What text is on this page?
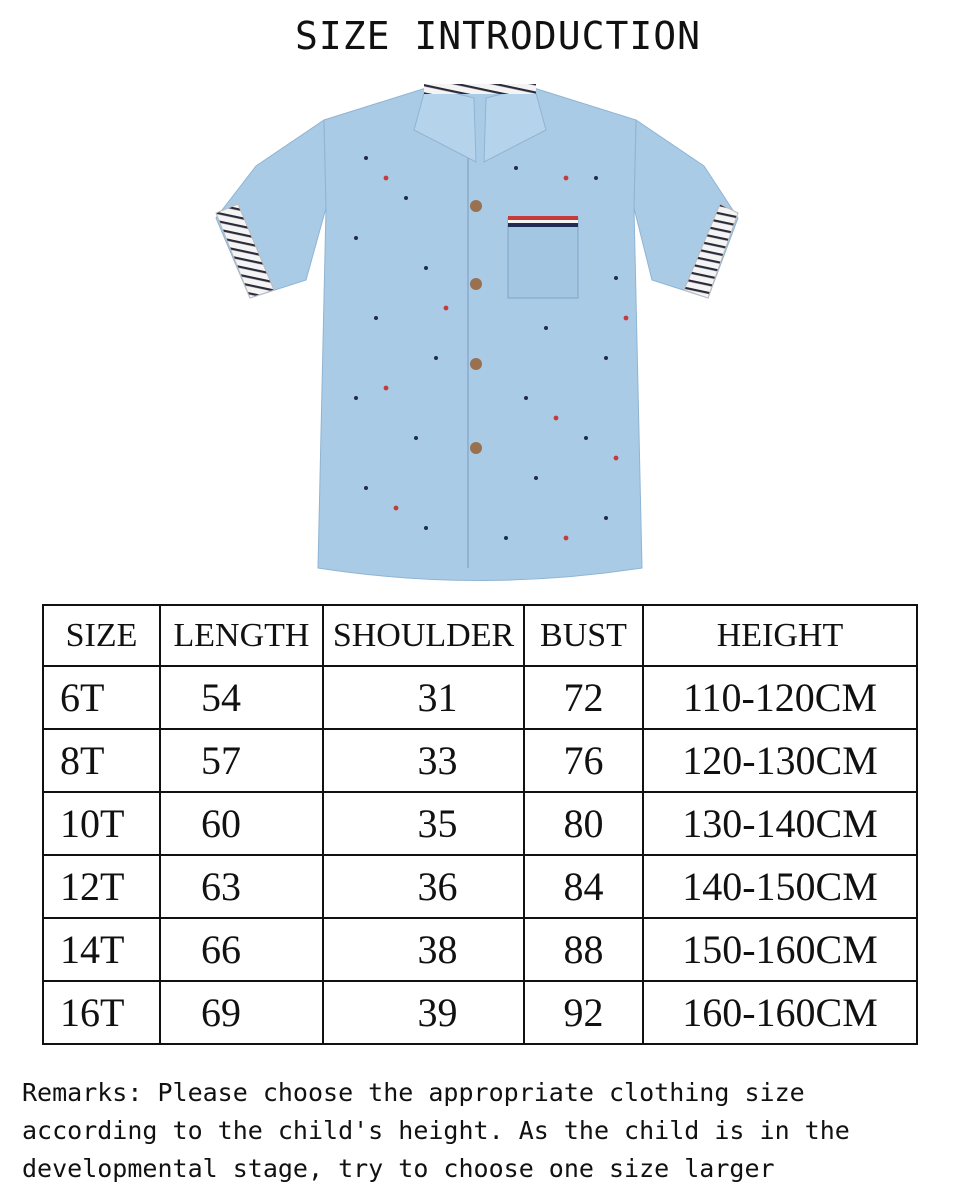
SIZE INTRODUCTION
SIZE	LENGTH	SHOULDER	BUST	HEIGHT
6T	54	31	72	110-120CM
8T	57	33	76	120-130CM
10T	60	35	80	130-140CM
12T	63	36	84	140-150CM
14T	66	38	88	150-160CM
16T	69	39	92	160-160CM

Remarks: Please choose the appropriate clothing size according to the child's height. As the child is in the developmental stage, try to choose one size larger
